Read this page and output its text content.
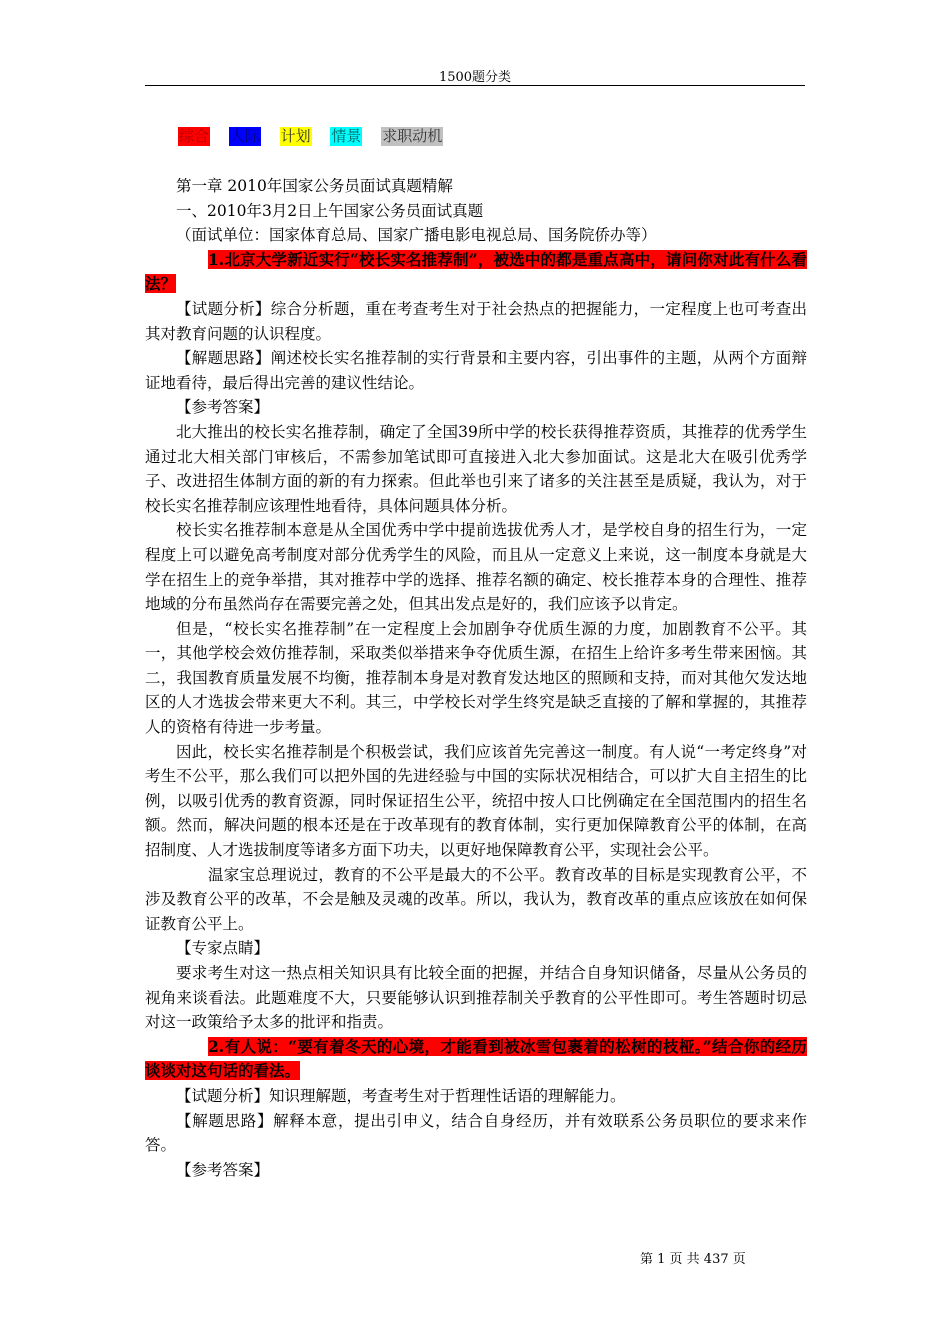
1500题分类
综合 人际 计划 情景 求职动机

第一章 2010年国家公务员面试真题精解

一、2010年3月2日上午国家公务员面试真题

（面试单位：国家体育总局、国家广播电影电视总局、国务院侨办等）

1.北京大学新近实行“校长实名推荐制”，被选中的都是重点高中，请问你对此有什么看法？

【试题分析】综合分析题，重在考查考生对于社会热点的把握能力，一定程度上也可考查出其对教育问题的认识程度。

【解题思路】阐述校长实名推荐制的实行背景和主要内容，引出事件的主题，从两个方面辩证地看待，最后得出完善的建议性结论。

【参考答案】

北大推出的校长实名推荐制，确定了全国39所中学的校长获得推荐资质，其推荐的优秀学生通过北大相关部门审核后，不需参加笔试即可直接进入北大参加面试。这是北大在吸引优秀学子、改进招生体制方面的新的有力探索。但此举也引来了诸多的关注甚至是质疑，我认为，对于校长实名推荐制应该理性地看待，具体问题具体分析。

校长实名推荐制本意是从全国优秀中学中提前选拔优秀人才，是学校自身的招生行为，一定程度上可以避免高考制度对部分优秀学生的风险，而且从一定意义上来说，这一制度本身就是大学在招生上的竞争举措，其对推荐中学的选择、推荐名额的确定、校长推荐本身的合理性、推荐地域的分布虽然尚存在需要完善之处，但其出发点是好的，我们应该予以肯定。

但是，“校长实名推荐制”在一定程度上会加剧争夺优质生源的力度，加剧教育不公平。其一，其他学校会效仿推荐制，采取类似举措来争夺优质生源，在招生上给许多考生带来困恼。其二，我国教育质量发展不均衡，推荐制本身是对教育发达地区的照顾和支持，而对其他欠发达地区的人才选拔会带来更大不利。其三，中学校长对学生终究是缺乏直接的了解和掌握的，其推荐人的资格有待进一步考量。

因此，校长实名推荐制是个积极尝试，我们应该首先完善这一制度。有人说“一考定终身”对考生不公平，那么我们可以把外国的先进经验与中国的实际状况相结合，可以扩大自主招生的比例，以吸引优秀的教育资源，同时保证招生公平，统招中按人口比例确定在全国范围内的招生名额。然而，解决问题的根本还是在于改革现有的教育体制，实行更加保障教育公平的体制，在高招制度、人才选拔制度等诸多方面下功夫，以更好地保障教育公平，实现社会公平。

温家宝总理说过，教育的不公平是最大的不公平。教育改革的目标是实现教育公平，不涉及教育公平的改革，不会是触及灵魂的改革。所以，我认为，教育改革的重点应该放在如何保证教育公平上。

【专家点睛】

要求考生对这一热点相关知识具有比较全面的把握，并结合自身知识储备，尽量从公务员的视角来谈看法。此题难度不大，只要能够认识到推荐制关乎教育的公平性即可。考生答题时切忌对这一政策给予太多的批评和指责。

2.有人说：“要有着冬天的心境，才能看到被冰雪包裹着的松树的枝桠。”结合你的经历谈谈对这句话的看法。

【试题分析】知识理解题，考查考生对于哲理性话语的理解能力。

【解题思路】解释本意，提出引申义，结合自身经历，并有效联系公务员职位的要求来作答。

【参考答案】

第 1 页 共 437 页
